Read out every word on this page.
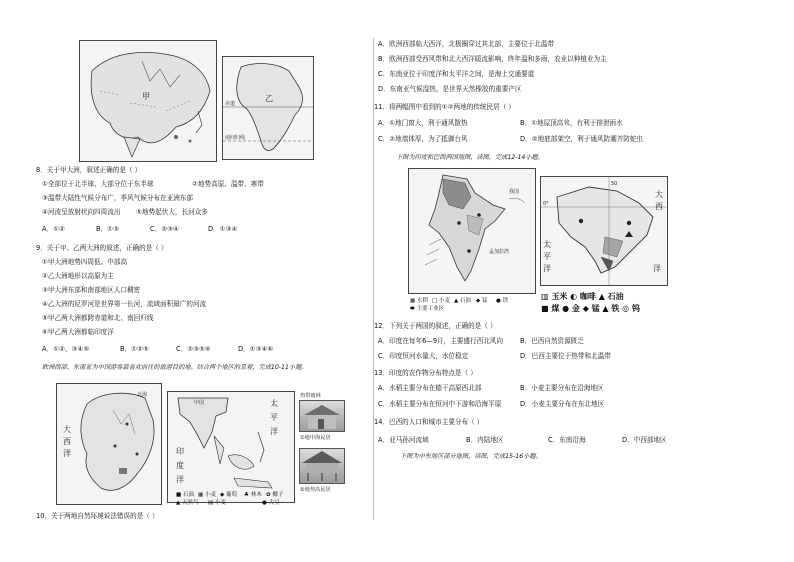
甲
赤道
南回归线
乙
8．关于甲大洲，叙述正确的是（ ）
①全部位于北半球，大部分位于东半球	②地势高原、温带、寒带
③温带大陆性气候分布广，季风气候分布在亚洲东部
④河流呈放射状向四周流出 ⑤地势起伏大，长河众多
A．①②	B．①③	C．②③④	D．①③④
9．关于甲、乙两大洲的叙述，正确的是（ ）
①甲大洲地势四周低、中部高
②乙大洲地形以高原为主
③甲大洲东部和南部地区人口稠密
④乙大洲的尼罗河是世界第一长河，流域面积最广的河流
⑤甲乙两大洲都跨赤道和北、南回归线
⑥甲乙两大洲都临印度洋
A．①②、③④⑤	B．①②⑤	C．②③⑤⑥	D．①③④⑥
欧洲西部、东南亚为中国游客最喜欢前往的旅游目的地。结合两个地区的景观，完成10-11小题。
大
西
洋
北海
中国
印
度
洋
太
平
洋
■ 石油 ▦ 小麦 ◆ 葡萄 ♣ 林木 ✿ 椰子
▲ 天然气 ▤ 小麦	● 大豆
热带雨林
①地中海民居
②地势高民居
10．关于两地自然环境说法错误的是（ ）
A．欧洲西部临大西洋，北极圈穿过其北部，主要位于北温带
B．欧洲西部受西风带和北大西洋暖流影响，终年温和多雨，农业以种植业为主
C．东南亚位于印度洋和太平洋之间，是海上交通要道
D．东南亚气候湿热，是世界天然橡胶的重要产区
11．将两幅图中看到的①②两地的传统民居（ ）
A．①地门窗大，利于通风散热	B．①地屋顶高耸，有利于排泄雨水
C．②地墙体厚，为了抵御台风	D．②地底部架空，利于通风防潮并防蛇虫
下图为印度和巴西两国地图，读图，完成12-14小题。
我国
孟加拉湾
▦ 水稻 □ 小麦 ▲ 石油 ◆ 锰 ● 铁
⬬ 主要工业区
50
0°
大
西
洋
太
平
洋
▥ 玉米 ◐ 咖啡 ▲ 石油
■ 煤 ● 金 ◆ 锰 ▲ 铁 ◎ 钨
12．下列关于两国的叙述，正确的是（ ）
A．印度在每年6—9月，主要盛行西北风向	B．巴西自然资源匮乏
C．印度恒河水量大，水位稳定	D．巴西主要位于热带和北温带
13．印度的农作物分布特点是（ ）
A．水稻主要分布在德干高原西北部	B．小麦主要分布在沿海地区
C．水稻主要分布在恒河中下游和沿海平原	D．小麦主要分布在东北地区
14．巴西的人口和城市主要分布（ ）
A．亚马孙河流域	B．内陆地区	C．东南沿海	D．中西部地区
下图为中东地区部分地图，读图，完成15-16小题。
